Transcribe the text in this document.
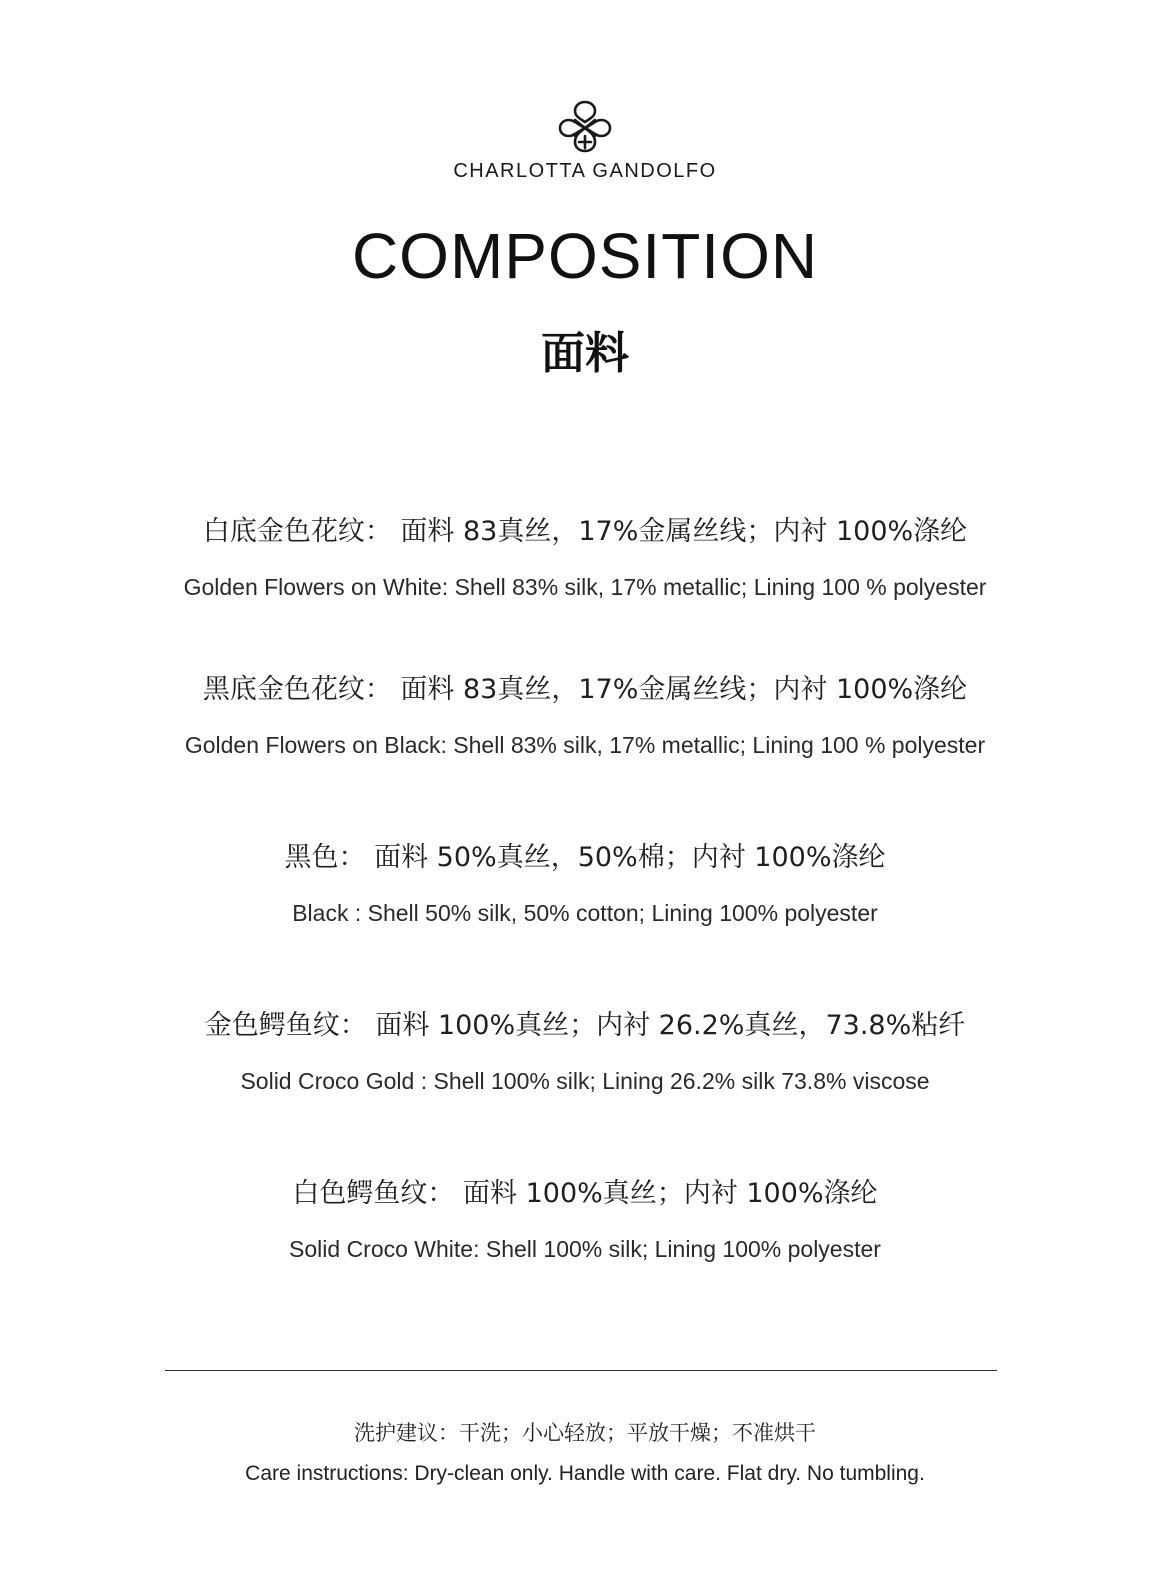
CHARLOTTA GANDOLFO
COMPOSITION
面料
白底金色花纹： 面料 83真丝，17%金属丝线；内衬 100%涤纶
Golden Flowers on White: Shell 83% silk, 17% metallic; Lining 100 % polyester
黑底金色花纹： 面料 83真丝，17%金属丝线；内衬 100%涤纶
Golden Flowers on Black: Shell 83% silk, 17% metallic; Lining 100 % polyester
黑色： 面料 50%真丝，50%棉；内衬 100%涤纶
Black : Shell 50% silk, 50% cotton; Lining 100% polyester
金色鳄鱼纹： 面料 100%真丝；内衬 26.2%真丝，73.8%粘纤
Solid Croco Gold : Shell 100% silk; Lining 26.2% silk 73.8% viscose
白色鳄鱼纹： 面料 100%真丝；内衬 100%涤纶
Solid Croco White: Shell 100% silk; Lining 100% polyester
洗护建议：干洗；小心轻放；平放干燥；不准烘干
Care instructions: Dry-clean only. Handle with care. Flat dry. No tumbling.
